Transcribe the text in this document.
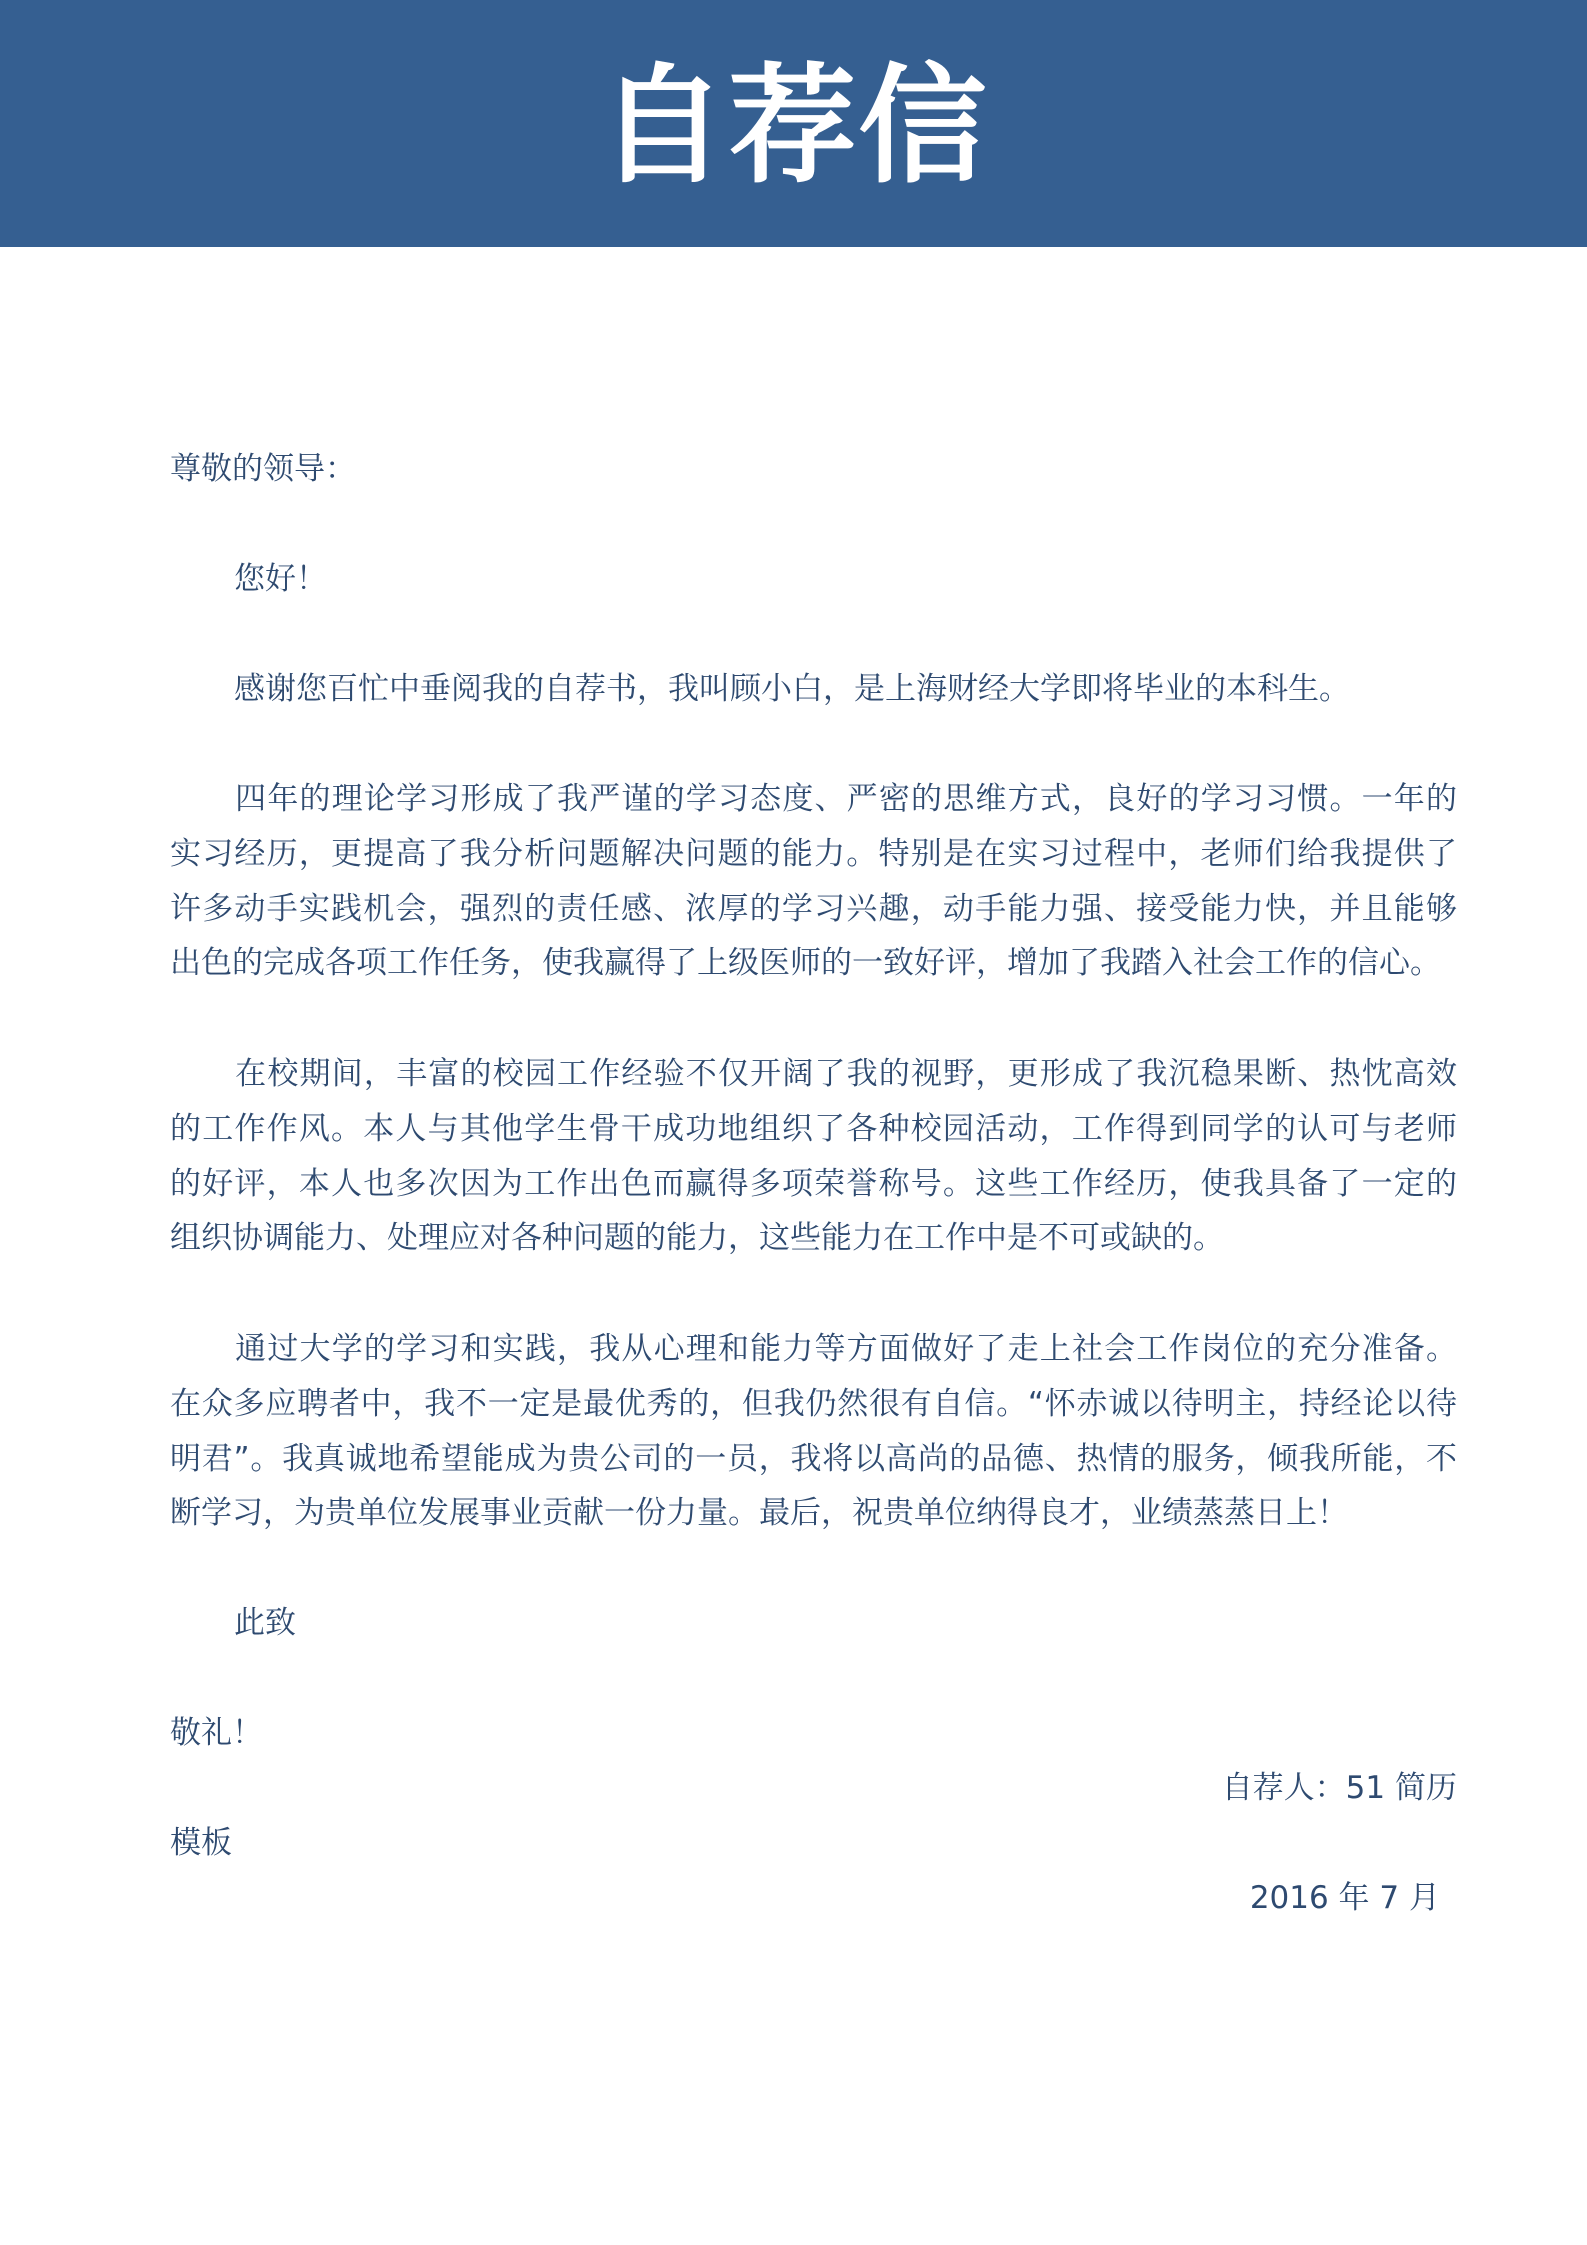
自荐信
尊敬的领导：
您好！
感谢您百忙中垂阅我的自荐书，我叫顾小白，是上海财经大学即将毕业的本科生。
四年的理论学习形成了我严谨的学习态度、严密的思维方式，良好的学习习惯。一年的
实习经历，更提高了我分析问题解决问题的能力。特别是在实习过程中，老师们给我提供了
许多动手实践机会，强烈的责任感、浓厚的学习兴趣，动手能力强、接受能力快，并且能够
出色的完成各项工作任务，使我赢得了上级医师的一致好评，增加了我踏入社会工作的信心。
在校期间，丰富的校园工作经验不仅开阔了我的视野，更形成了我沉稳果断、热忱高效
的工作作风。本人与其他学生骨干成功地组织了各种校园活动，工作得到同学的认可与老师
的好评，本人也多次因为工作出色而赢得多项荣誉称号。这些工作经历，使我具备了一定的
组织协调能力、处理应对各种问题的能力，这些能力在工作中是不可或缺的。
通过大学的学习和实践，我从心理和能力等方面做好了走上社会工作岗位的充分准备。
在众多应聘者中，我不一定是最优秀的，但我仍然很有自信。“怀赤诚以待明主，持经论以待
明君”。我真诚地希望能成为贵公司的一员，我将以高尚的品德、热情的服务，倾我所能，不
断学习，为贵单位发展事业贡献一份力量。最后，祝贵单位纳得良才，业绩蒸蒸日上！
此致
敬礼！
自荐人：51 简历
模板
2016 年 7 月
